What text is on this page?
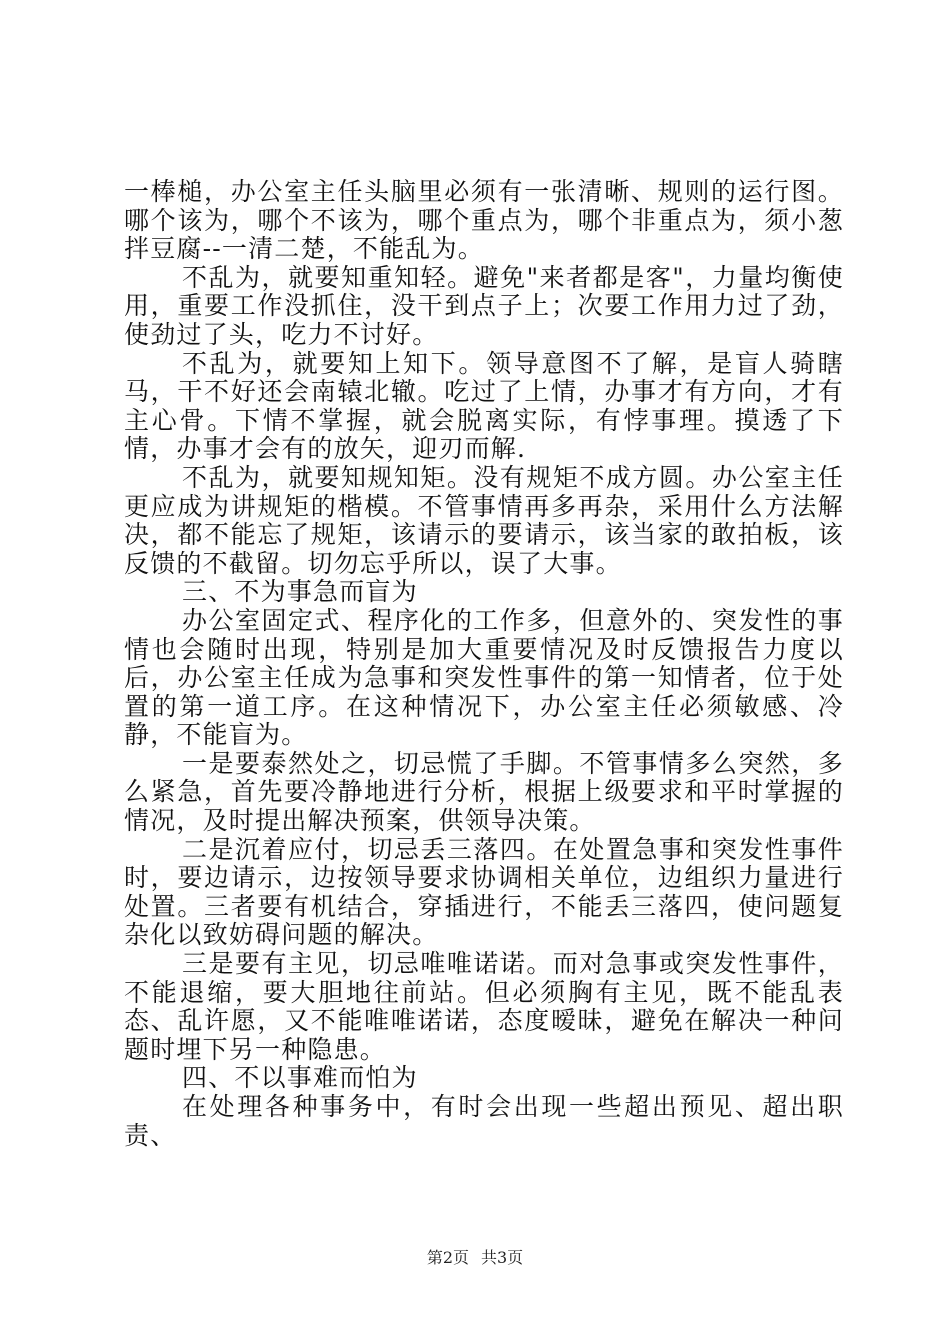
一棒槌，办公室主任头脑里必须有一张清晰、规则的运行图。哪个该为，哪个不该为，哪个重点为，哪个非重点为，须小葱拌豆腐--一清二楚，不能乱为。

不乱为，就要知重知轻。避免"来者都是客"，力量均衡使用，重要工作没抓住，没干到点子上；次要工作用力过了劲，使劲过了头，吃力不讨好。

不乱为，就要知上知下。领导意图不了解，是盲人骑瞎马，干不好还会南辕北辙。吃过了上情，办事才有方向，才有主心骨。下情不掌握，就会脱离实际，有悖事理。摸透了下情，办事才会有的放矢，迎刃而解.

不乱为，就要知规知矩。没有规矩不成方圆。办公室主任更应成为讲规矩的楷模。不管事情再多再杂，采用什么方法解决，都不能忘了规矩，该请示的要请示，该当家的敢拍板，该反馈的不截留。切勿忘乎所以，误了大事。

三、不为事急而盲为

办公室固定式、程序化的工作多，但意外的、突发性的事情也会随时出现，特别是加大重要情况及时反馈报告力度以后，办公室主任成为急事和突发性事件的第一知情者，位于处置的第一道工序。在这种情况下，办公室主任必须敏感、冷静，不能盲为。

一是要泰然处之，切忌慌了手脚。不管事情多么突然，多么紧急，首先要冷静地进行分析，根据上级要求和平时掌握的情况，及时提出解决预案，供领导决策。

二是沉着应付，切忌丢三落四。在处置急事和突发性事件时，要边请示，边按领导要求协调相关单位，边组织力量进行处置。三者要有机结合，穿插进行，不能丢三落四，使问题复杂化以致妨碍问题的解决。

三是要有主见，切忌唯唯诺诺。而对急事或突发性事件，不能退缩，要大胆地往前站。但必须胸有主见，既不能乱表态、乱许愿，又不能唯唯诺诺，态度暧昧，避免在解决一种问题时埋下另一种隐患。

四、不以事难而怕为

在处理各种事务中，有时会出现一些超出预见、超出职责、

第2页 共3页
